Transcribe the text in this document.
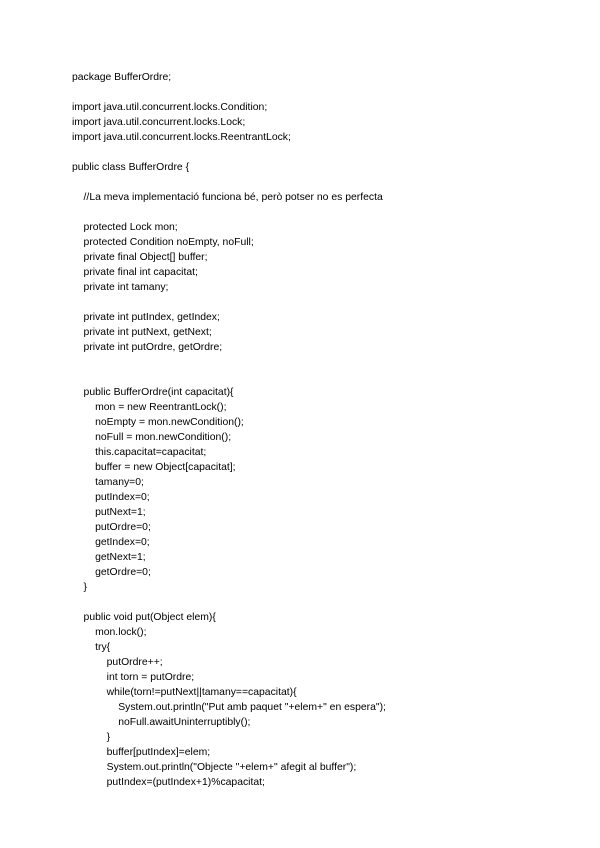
package BufferOrdre;
import java.util.concurrent.locks.Condition;
import java.util.concurrent.locks.Lock;
import java.util.concurrent.locks.ReentrantLock;
public class BufferOrdre {
//La meva implementació funciona bé, però potser no es perfecta
protected Lock mon;
protected Condition noEmpty, noFull;
private final Object[] buffer;
private final int capacitat;
private int tamany;
private int putIndex, getIndex;
private int putNext, getNext;
private int putOrdre, getOrdre;
public BufferOrdre(int capacitat){
mon = new ReentrantLock();
noEmpty = mon.newCondition();
noFull = mon.newCondition();
this.capacitat=capacitat;
buffer = new Object[capacitat];
tamany=0;
putIndex=0;
putNext=1;
putOrdre=0;
getIndex=0;
getNext=1;
getOrdre=0;
}
public void put(Object elem){
mon.lock();
try{
putOrdre++;
int torn = putOrdre;
while(torn!=putNext||tamany==capacitat){
System.out.println("Put amb paquet "+elem+" en espera");
noFull.awaitUninterruptibly();
}
buffer[putIndex]=elem;
System.out.println("Objecte "+elem+" afegit al buffer");
putIndex=(putIndex+1)%capacitat;
